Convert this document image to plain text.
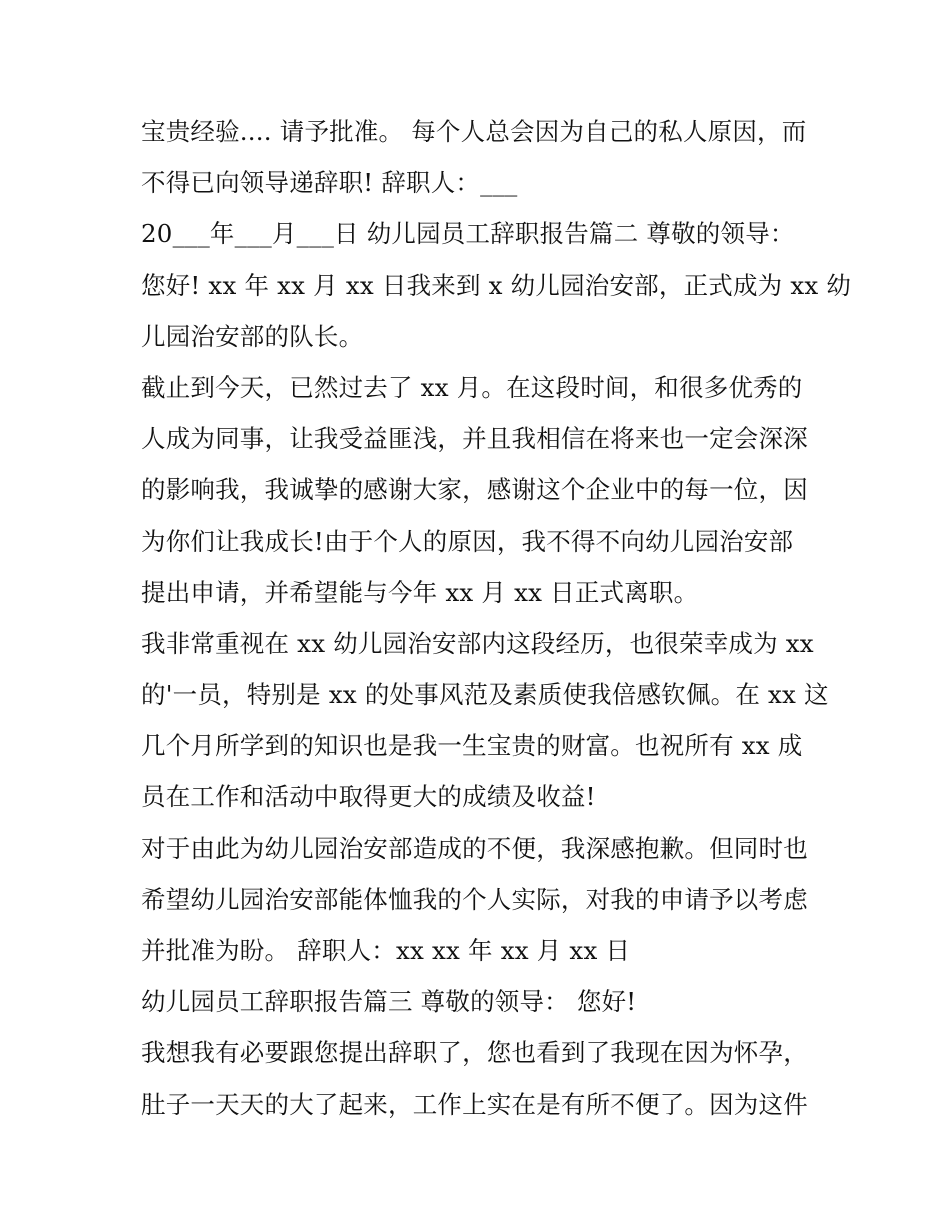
宝贵经验.... 请予批准。 每个人总会因为自己的私人原因，而
不得已向领导递辞职! 辞职人：___
20___年___月___日 幼儿园员工辞职报告篇二 尊敬的领导：
您好! xx 年 xx 月 xx 日我来到 x 幼儿园治安部，正式成为 xx 幼
儿园治安部的队长。
截止到今天，已然过去了 xx 月。在这段时间，和很多优秀的
人成为同事，让我受益匪浅，并且我相信在将来也一定会深深
的影响我，我诚挚的感谢大家，感谢这个企业中的每一位，因
为你们让我成长!由于个人的原因，我不得不向幼儿园治安部
提出申请，并希望能与今年 xx 月 xx 日正式离职。
我非常重视在 xx 幼儿园治安部内这段经历，也很荣幸成为 xx
的'一员，特别是 xx 的处事风范及素质使我倍感钦佩。在 xx 这
几个月所学到的知识也是我一生宝贵的财富。也祝所有 xx 成
员在工作和活动中取得更大的成绩及收益!
对于由此为幼儿园治安部造成的不便，我深感抱歉。但同时也
希望幼儿园治安部能体恤我的个人实际，对我的申请予以考虑
并批准为盼。 辞职人：xx xx 年 xx 月 xx 日
幼儿园员工辞职报告篇三 尊敬的领导： 您好!
我想我有必要跟您提出辞职了，您也看到了我现在因为怀孕，
肚子一天天的大了起来，工作上实在是有所不便了。因为这件
